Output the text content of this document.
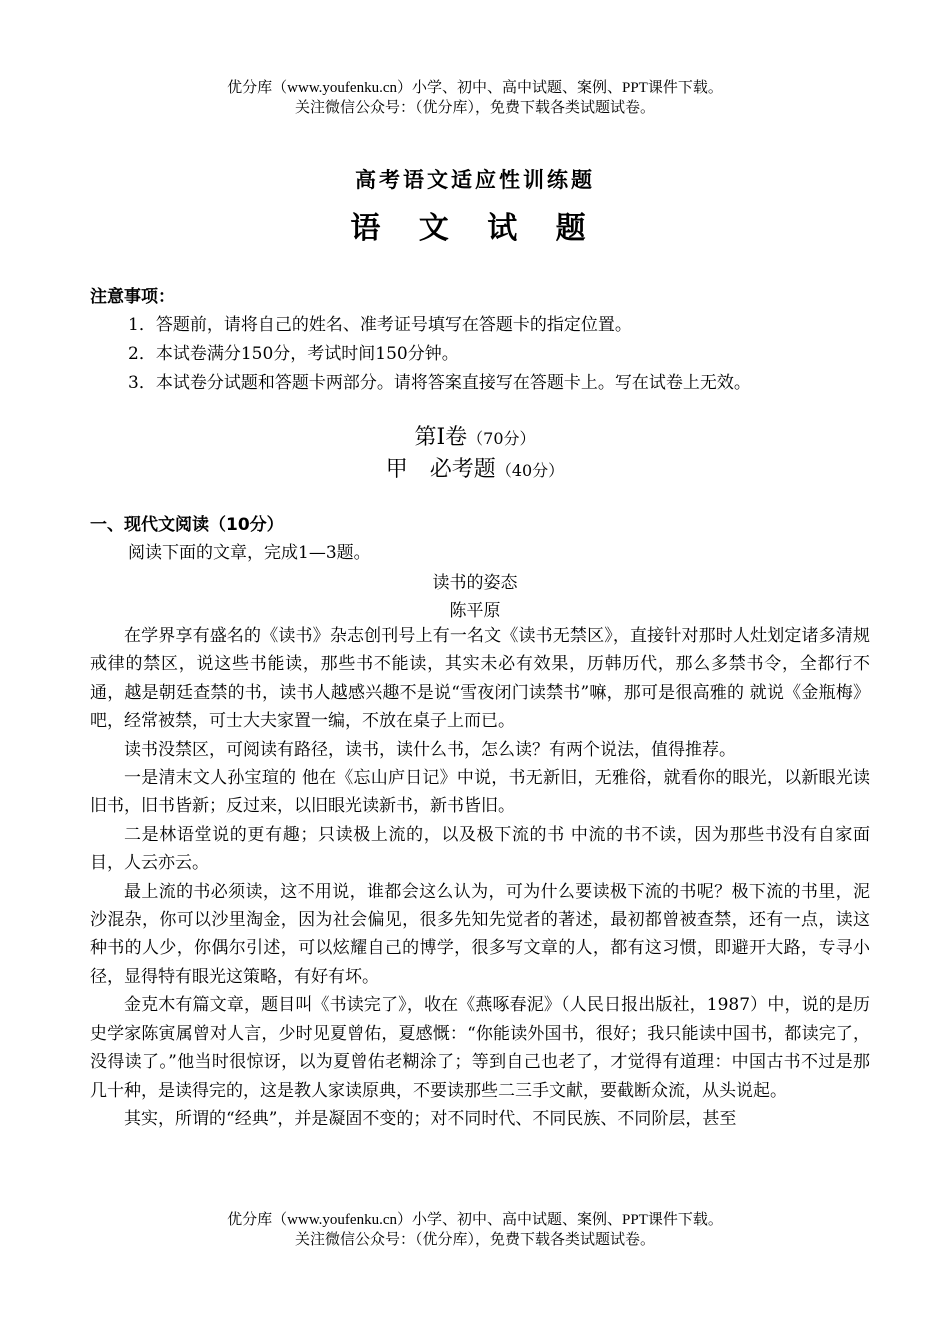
优分库（www.youfenku.cn）小学、初中、高中试题、案例、PPT课件下载。
关注微信公众号：（优分库），免费下载各类试题试卷。
高考语文适应性训练题
语 文 试 题
注意事项：
1．答题前，请将自己的姓名、准考证号填写在答题卡的指定位置。
2．本试卷满分150分，考试时间150分钟。
3．本试卷分试题和答题卡两部分。请将答案直接写在答题卡上。写在试卷上无效。
第Ⅰ卷（70分）
甲　必考题（40分）
一、现代文阅读（10分）
阅读下面的文章，完成1—3题。
读书的姿态
陈平原

在学界享有盛名的《读书》杂志创刊号上有一名文《读书无禁区》，直接针对那时人灶划定诸多清规戒律的禁区，说这些书能读，那些书不能读，其实未必有效果，历韩历代，那么多禁书令，全都行不通，越是朝廷查禁的书，读书人越感兴趣不是说“雪夜闭门读禁书”嘛，那可是很高雅的 就说《金瓶梅》吧，经常被禁，可士大夫家置一编，不放在桌子上而已。

读书没禁区，可阅读有路径，读书，读什么书，怎么读？有两个说法，值得推荐。

一是清末文人孙宝瑄的 他在《忘山庐日记》中说，书无新旧，无雅俗，就看你的眼光，以新眼光读旧书，旧书皆新；反过来，以旧眼光读新书，新书皆旧。

二是林语堂说的更有趣；只读极上流的，以及极下流的书 中流的书不读，因为那些书没有自家面目，人云亦云。

最上流的书必须读，这不用说，谁都会这么认为，可为什么要读极下流的书呢？极下流的书里，泥沙混杂，你可以沙里淘金，因为社会偏见，很多先知先觉者的著述，最初都曾被查禁，还有一点，读这种书的人少，你偶尔引述，可以炫耀自己的博学，很多写文章的人，都有这习惯，即避开大路，专寻小径，显得特有眼光这策略，有好有坏。

金克木有篇文章，题目叫《书读完了》，收在《燕啄春泥》（人民日报出版社，1987）中，说的是历史学家陈寅属曾对人言，少时见夏曾佑，夏感慨：“你能读外国书，很好；我只能读中国书，都读完了，没得读了。”他当时很惊讶，以为夏曾佑老糊涂了；等到自己也老了，才觉得有道理：中国古书不过是那几十种，是读得完的，这是教人家读原典，不要读那些二三手文献，要截断众流，从头说起。

其实，所谓的“经典”，并是凝固不变的；对不同时代、不同民族、不同阶层，甚至

优分库（www.youfenku.cn）小学、初中、高中试题、案例、PPT课件下载。
关注微信公众号：（优分库），免费下载各类试题试卷。
